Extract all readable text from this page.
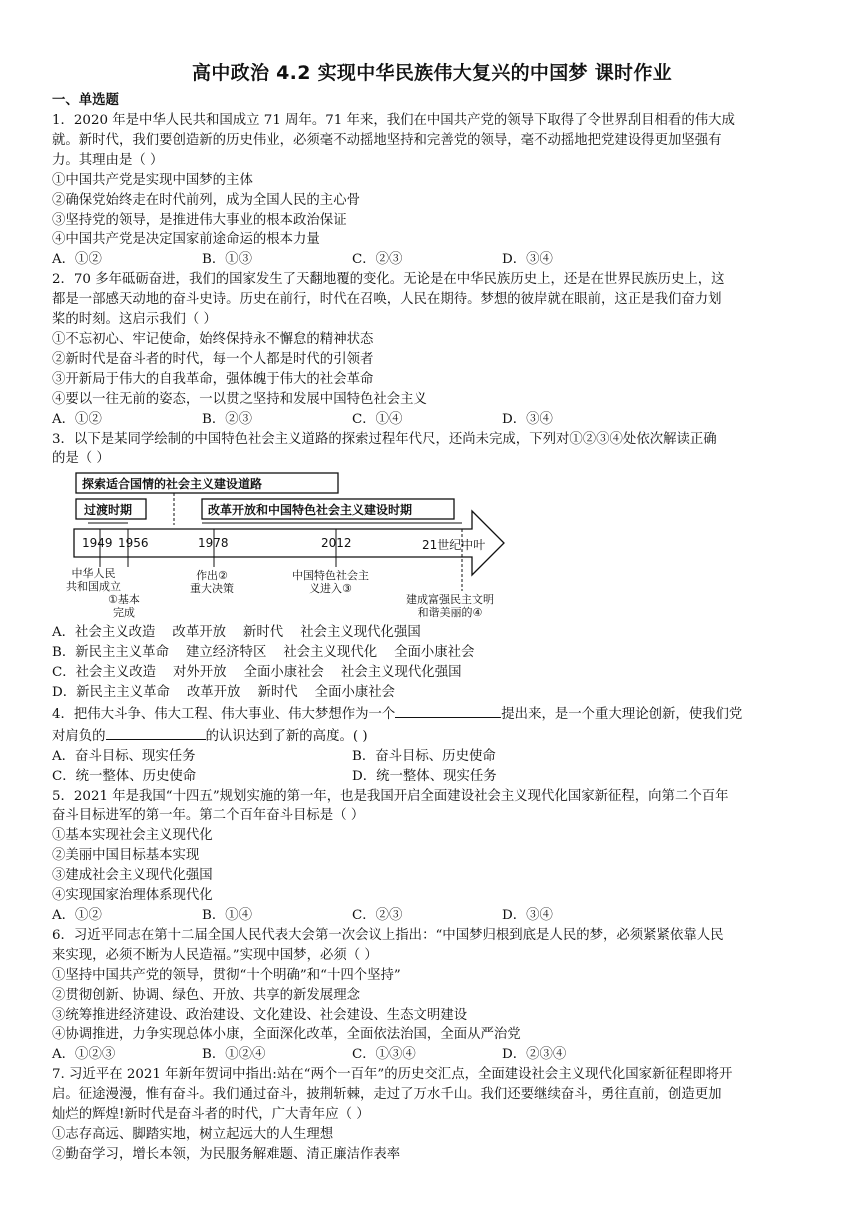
高中政治 4.2 实现中华民族伟大复兴的中国梦 课时作业
一、单选题

1．2020 年是中华人民共和国成立 71 周年。71 年来，我们在中国共产党的领导下取得了令世界刮目相看的伟大成

就。新时代，我们要创造新的历史伟业，必须毫不动摇地坚持和完善党的领导，毫不动摇地把党建设得更加坚强有

力。其理由是（ ）

①中国共产党是实现中国梦的主体

②确保党始终走在时代前列，成为全国人民的主心骨

③坚持党的领导，是推进伟大事业的根本政治保证

④中国共产党是决定国家前途命运的根本力量

A．①②	B．①③	C．②③	D．③④

2．70 多年砥砺奋进，我们的国家发生了天翻地覆的变化。无论是在中华民族历史上，还是在世界民族历史上，这

都是一部感天动地的奋斗史诗。历史在前行，时代在召唤，人民在期待。梦想的彼岸就在眼前，这正是我们奋力划

桨的时刻。这启示我们（ ）

①不忘初心、牢记使命，始终保持永不懈怠的精神状态

②新时代是奋斗者的时代，每一个人都是时代的引领者

③开新局于伟大的自我革命，强体魄于伟大的社会革命

④要以一往无前的姿态，一以贯之坚持和发展中国特色社会主义

A．①②	B．②③	C．①④	D．③④

3．以下是某同学绘制的中国特色社会主义道路的探索过程年代尺，还尚未完成，下列对①②③④处依次解读正确

的是（ ）

探索适合国情的社会主义建设道路
过渡时期	改革开放和中国特色社会主义建设时期
1949 1956	1978	2012	21世纪中叶
中华人民
共和国成立
①基本
完成
作出②
重大决策
中国特色社会主
义进入③
建成富强民主文明
和谐美丽的④

A．社会主义改造    改革开放    新时代    社会主义现代化强国

B．新民主主义革命    建立经济特区    社会主义现代化    全面小康社会

C．社会主义改造    对外开放    全面小康社会    社会主义现代化强国

D．新民主主义革命    改革开放    新时代    全面小康社会

4．把伟大斗争、伟大工程、伟大事业、伟大梦想作为一个	提出来，是一个重大理论创新，使我们党

对肩负的	的认识达到了新的高度。( )

A．奋斗目标、现实任务	B．奋斗目标、历史使命
C．统一整体、历史使命	D．统一整体、现实任务

5．2021 年是我国“十四五”规划实施的第一年，也是我国开启全面建设社会主义现代化国家新征程，向第二个百年

奋斗目标进军的第一年。第二个百年奋斗目标是（ ）

①基本实现社会主义现代化

②美丽中国目标基本实现

③建成社会主义现代化强国

④实现国家治理体系现代化

A．①②	B．①④	C．②③	D．③④

6．习近平同志在第十二届全国人民代表大会第一次会议上指出：“中国梦归根到底是人民的梦，必须紧紧依靠人民

来实现，必须不断为人民造福。”实现中国梦，必须（ ）

①坚持中国共产党的领导，贯彻“十个明确”和“十四个坚持”

②贯彻创新、协调、绿色、开放、共享的新发展理念

③统筹推进经济建设、政治建设、文化建设、社会建设、生态文明建设

④协调推进，力争实现总体小康，全面深化改革，全面依法治国，全面从严治党

A．①②③	B．①②④	C．①③④	D．②③④

7. 习近平在 2021 年新年贺词中指出:站在“两个一百年”的历史交汇点，全面建设社会主义现代化国家新征程即将开

启。征途漫漫，惟有奋斗。我们通过奋斗，披荆斩棘，走过了万水千山。我们还要继续奋斗，勇往直前，创造更加

灿烂的辉煌!新时代是奋斗者的时代，广大青年应（ ）

①志存高远、脚踏实地，树立起远大的人生理想

②勤奋学习，增长本领，为民服务解难题、清正廉洁作表率
